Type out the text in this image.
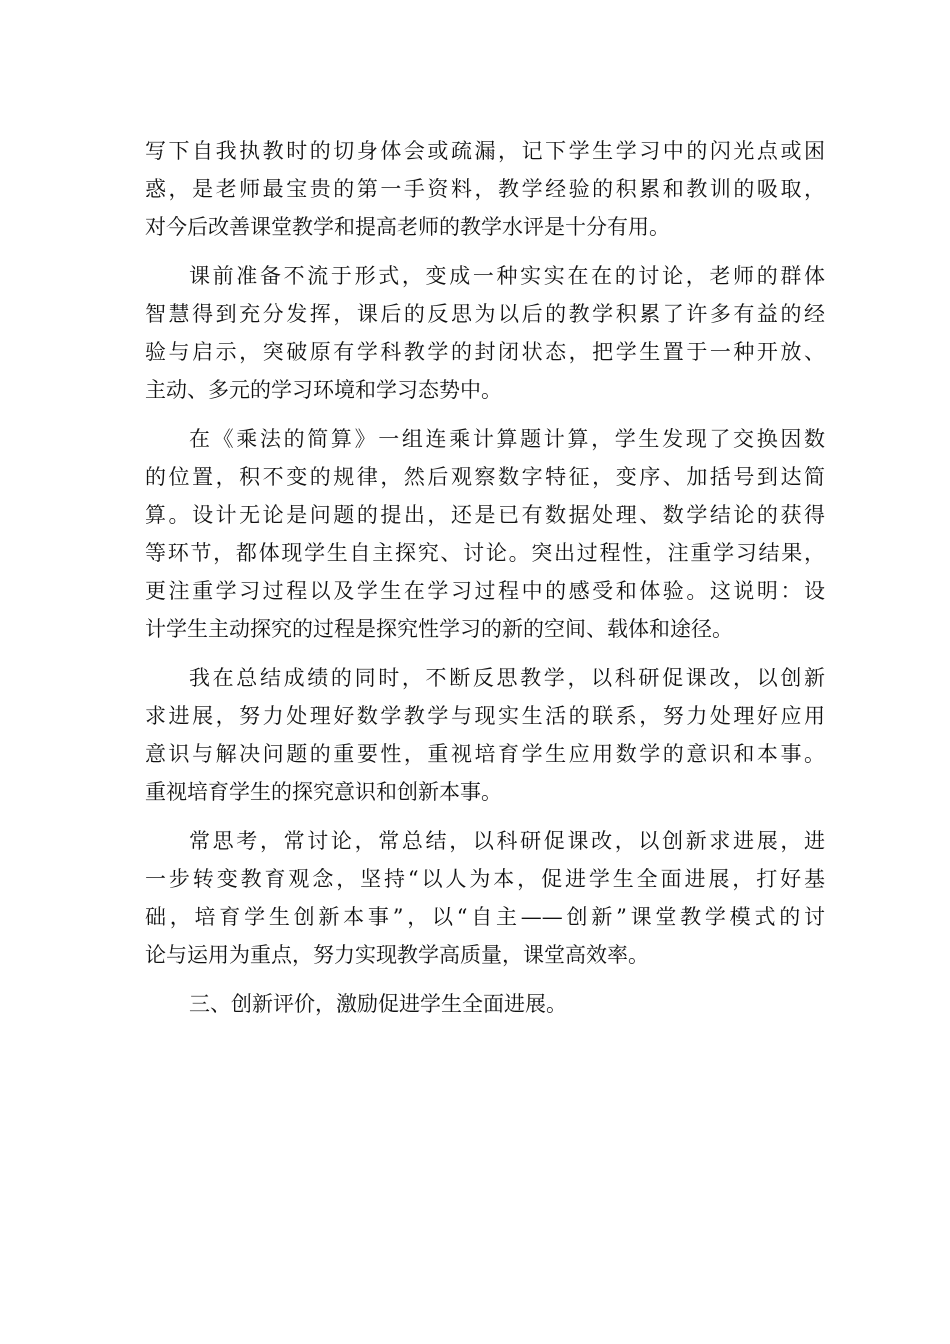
写下自我执教时的切身体会或疏漏，记下学生学习中的闪光点或困
惑，是老师最宝贵的第一手资料，教学经验的积累和教训的吸取，
对今后改善课堂教学和提高老师的教学水评是十分有用。
课前准备不流于形式，变成一种实实在在的讨论，老师的群体
智慧得到充分发挥，课后的反思为以后的教学积累了许多有益的经
验与启示，突破原有学科教学的封闭状态，把学生置于一种开放、
主动、多元的学习环境和学习态势中。
在《乘法的简算》一组连乘计算题计算，学生发现了交换因数
的位置，积不变的规律，然后观察数字特征，变序、加括号到达简
算。设计无论是问题的提出，还是已有数据处理、数学结论的获得
等环节，都体现学生自主探究、讨论。突出过程性，注重学习结果，
更注重学习过程以及学生在学习过程中的感受和体验。这说明：设
计学生主动探究的过程是探究性学习的新的空间、载体和途径。
我在总结成绩的同时，不断反思教学，以科研促课改，以创新
求进展，努力处理好数学教学与现实生活的联系，努力处理好应用
意识与解决问题的重要性，重视培育学生应用数学的意识和本事。
重视培育学生的探究意识和创新本事。
常思考，常讨论，常总结，以科研促课改，以创新求进展，进
一步转变教育观念，坚持“以人为本，促进学生全面进展，打好基
础，培育学生创新本事”，以“自主——创新”课堂教学模式的讨
论与运用为重点，努力实现教学高质量，课堂高效率。
三、创新评价，激励促进学生全面进展。
